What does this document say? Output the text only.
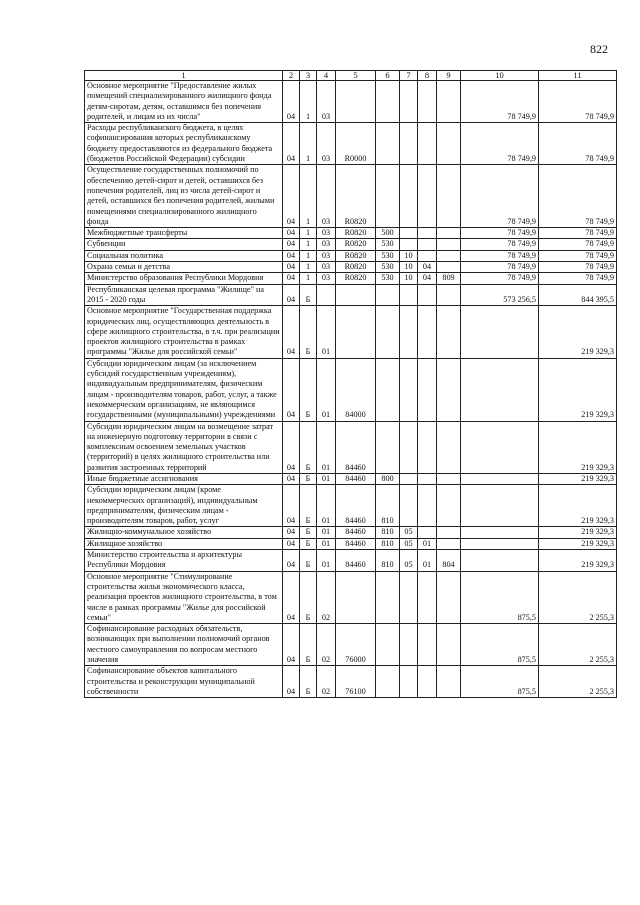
822
1	2	3	4	5	6	7	8	9	10	11
Основное мероприятие "Предоставление жилых помещений специализированного жилищного фонда детям-сиротам, детям, оставшимся без попечения родителей, и лицам из их числа"	04	1	03						78 749,9	78 749,9
Расходы республиканского бюджета, в целях софинансирования которых республиканскому бюджету предоставляются из федерального бюджета (бюджетов Российской Федерации) субсидии	04	1	03	R0000					78 749,9	78 749,9
Осуществление государственных полномочий по обеспечению детей-сирот и детей, оставшихся без попечения родителей, лиц из числа детей-сирот и детей, оставшихся без попечения родителей, жилыми помещениями специализированного жилищного фонда	04	1	03	R0820					78 749,9	78 749,9
Межбюджетные трансферты	04	1	03	R0820	500				78 749,9	78 749,9
Субвенции	04	1	03	R0820	530				78 749,9	78 749,9
Социальная политика	04	1	03	R0820	530	10			78 749,9	78 749,9
Охрана семьи и детства	04	1	03	R0820	530	10	04		78 749,9	78 749,9
Министерство образования Республики Мордовия	04	1	03	R0820	530	10	04	809	78 749,9	78 749,9
Республиканская целевая программа "Жилище" на 2015 - 2020 годы	04	Б							573 256,5	844 395,5
Основное мероприятие "Государственная поддержка юридических лиц, осуществляющих деятельность в сфере жилищного строительства, в т.ч. при реализации проектов жилищного строительства в рамках программы "Жилье для российской семьи"	04	Б	01							219 329,3
Субсидии юридическим лицам (за исключением субсидий государственным учреждениям), индивидуальным предпринимателям, физическим лицам - производителям товаров, работ, услуг, а также некоммерческим организациям, не являющимся государственными (муниципальными) учреждениями	04	Б	01	84000						219 329,3
Субсидии юридическим лицам на возмещение затрат на инженерную подготовку территории в связи с комплексным освоением земельных участков (территорий) в целях жилищного строительства или развития застроенных территорий	04	Б	01	84460						219 329,3
Иные бюджетные ассигнования	04	Б	01	84460	800					219 329,3
Субсидии юридическим лицам (кроме некоммерческих организаций), индивидуальным предпринимателям, физическим лицам - производителям товаров, работ, услуг	04	Б	01	84460	810					219 329,3
Жилищно-коммунальное хозяйство	04	Б	01	84460	810	05				219 329,3
Жилищное хозяйство	04	Б	01	84460	810	05	01			219 329,3
Министерство строительства и архитектуры Республики Мордовия	04	Б	01	84460	810	05	01	804		219 329,3
Основное мероприятие "Стимулирование строительства жилья экономического класса, реализация проектов жилищного строительства, в том числе в рамках программы "Жилье для российской семьи"	04	Б	02						875,5	2 255,3
Софинансирование расходных обязательств, возникающих при выполнении полномочий органов местного самоуправления по вопросам местного значения	04	Б	02	76000					875,5	2 255,3
Софинансирование объектов капитального строительства и реконструкции муниципальной собственности	04	Б	02	76100					875,5	2 255,3
